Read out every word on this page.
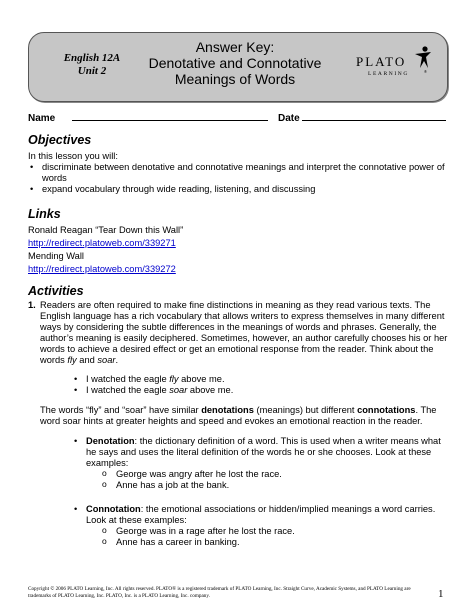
English 12A
Unit 2
Answer Key:
Denotative and Connotative
Meanings of Words
PLATO
LEARNING	®
Name	Date
Objectives
In this lesson you will:
• discriminate between denotative and connotative meanings and interpret the connotative power of words
• expand vocabulary through wide reading, listening, and discussing
Links
Ronald Reagan “Tear Down this Wall”
http://redirect.platoweb.com/339271
Mending Wall
http://redirect.platoweb.com/339272
Activities
1. Readers are often required to make fine distinctions in meaning as they read various texts. The English language has a rich vocabulary that allows writers to express themselves in many different ways by considering the subtle differences in the meanings of words and phrases. Generally, the author’s meaning is easily deciphered. Sometimes, however, an author carefully chooses his or her words to achieve a desired effect or get an emotional response from the reader. Think about the words fly and soar.
• I watched the eagle fly above me.
• I watched the eagle soar above me.
The words “fly” and “soar” have similar denotations (meanings) but different connotations. The word soar hints at greater heights and speed and evokes an emotional reaction in the reader.
• Denotation: the dictionary definition of a word. This is used when a writer means what he says and uses the literal definition of the words he or she chooses. Look at these examples:
o George was angry after he lost the race.
o Anne has a job at the bank.
• Connotation: the emotional associations or hidden/implied meanings a word carries. Look at these examples:
o George was in a rage after he lost the race.
o Anne has a career in banking.
Copyright © 2006 PLATO Learning, Inc. All rights reserved. PLATO® is a registered trademark of PLATO Learning, Inc. Straight Curve, Academic Systems, and PLATO Learning are trademarks of PLATO Learning, Inc. PLATO, Inc. is a PLATO Learning, Inc. company.	1
